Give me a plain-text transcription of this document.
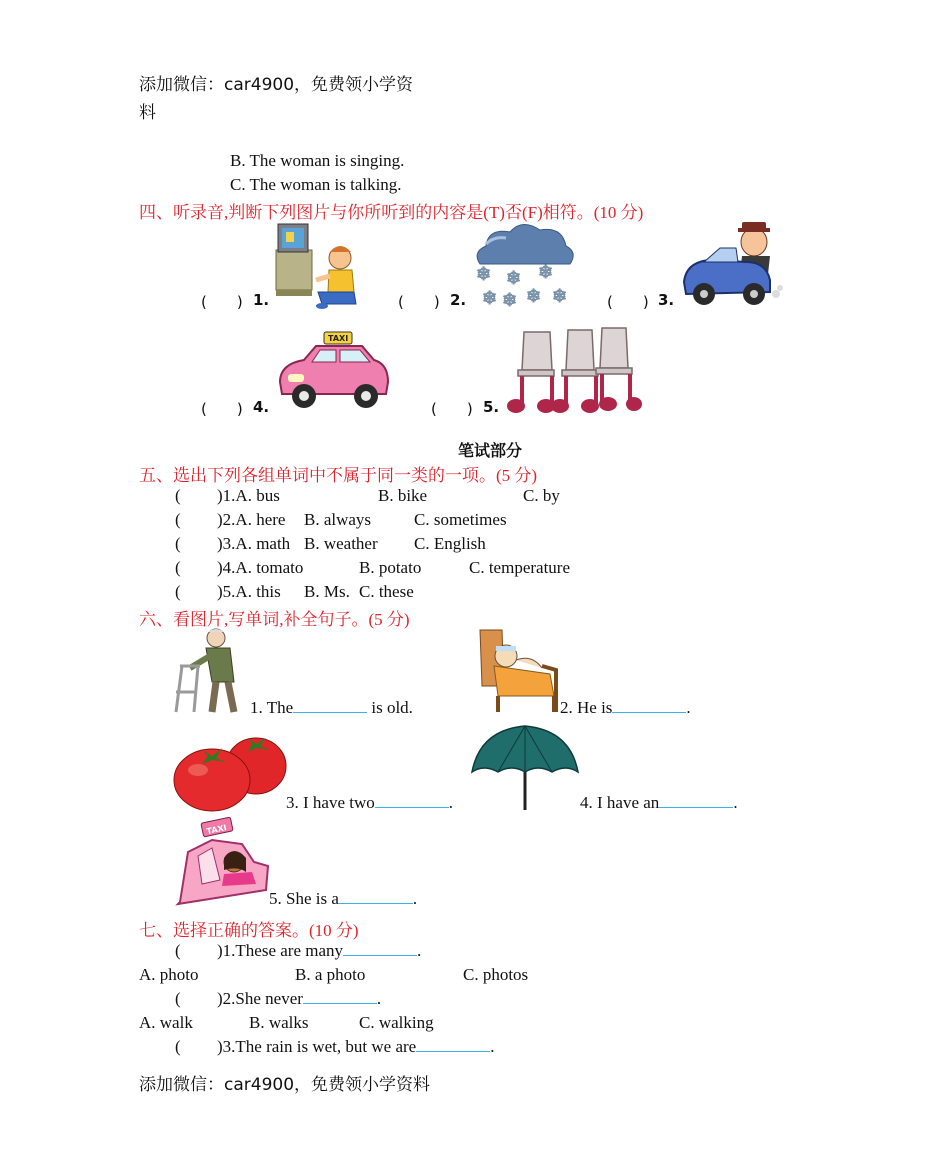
添加微信：car4900，免费领小学资
料
B. The woman is singing.
C. The woman is talking.
四、听录音,判断下列图片与你所听到的内容是(T)否(F)相符。(10 分)
(　　) 1.	(　　) 2.
❄ ❄ ❄
❄ ❄ ❄ ❄	(　　) 3.
(　　) 4.
TAXI
(　　) 5.
笔试部分
五、选出下列各组单词中不属于同一类的一项。(5 分)
( )1.A. bus	B. bike	C. by
( )2.A. here B. always	C. sometimes
( )3.A. math B. weather C. English
( )4.A. tomato	B. potato	C. temperature
( )5.A. this B. Ms. C. these
六、看图片,写单词,补全句子。(5 分)
1. The	is old.	2. He is	.
3. I have two	.	4. I have an	.
TAXI
5. She is a	.
七、选择正确的答案。(10 分)
( )1.These are many	.
A. photo	B. a photo	C. photos
( )2.She never	.
A. walk	B. walks	C. walking
( )3.The rain is wet, but we are	.
添加微信：car4900，免费领小学资料
